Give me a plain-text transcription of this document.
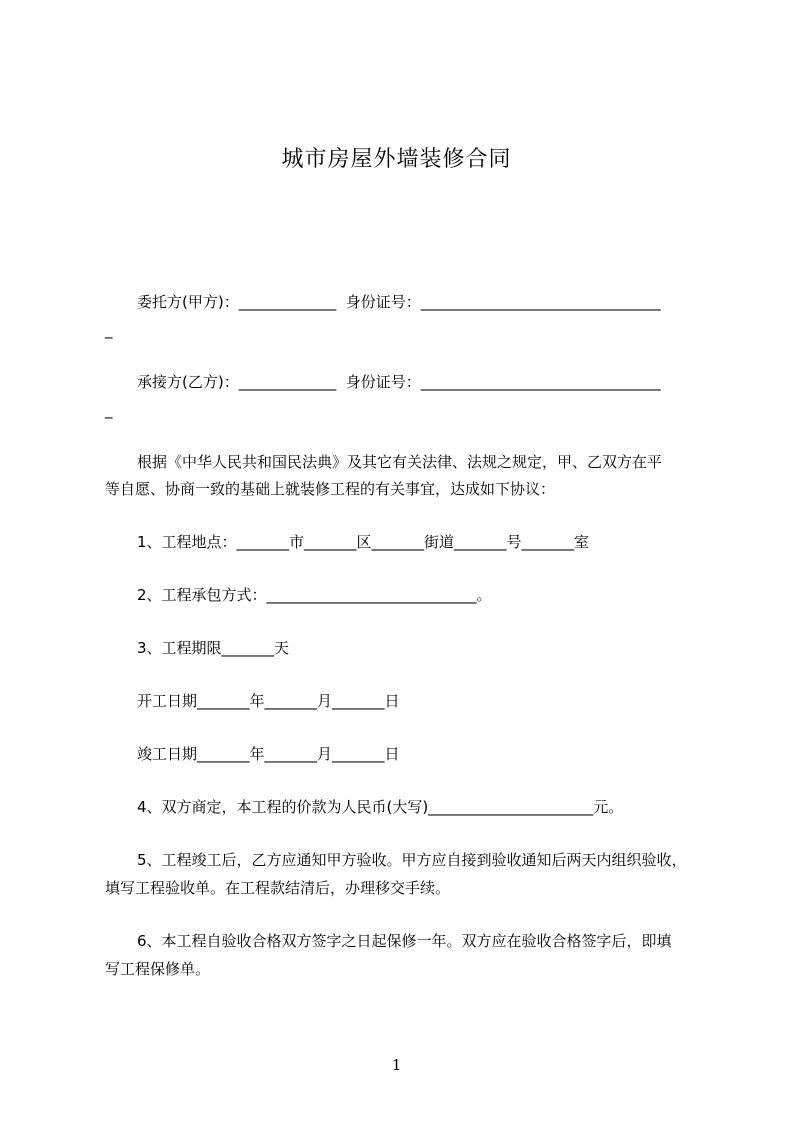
城市房屋外墙装修合同
委托方(甲方)：_____________  身份证号：________________________________
_
承接方(乙方)：_____________  身份证号：________________________________
_
根据《中华人民共和国民法典》及其它有关法律、法规之规定，甲、乙双方在平
等自愿、协商一致的基础上就装修工程的有关事宜，达成如下协议：
1、工程地点：_______市_______区_______街道_______号_______室
2、工程承包方式：____________________________。
3、工程期限_______天
开工日期_______年_______月_______日
竣工日期_______年_______月_______日
4、双方商定，本工程的价款为人民币(大写)______________________元。
5、工程竣工后，乙方应通知甲方验收。甲方应自接到验收通知后两天内组织验收，
填写工程验收单。在工程款结清后，办理移交手续。
6、本工程自验收合格双方签字之日起保修一年。双方应在验收合格签字后，即填
写工程保修单。
1
